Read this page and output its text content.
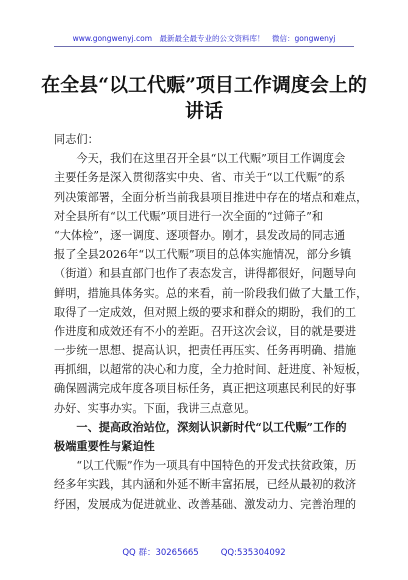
www.gongwenyj.com　最新最全最专业的公文资料库！　微信：gongwenyj
在全县“以工代赈”项目工作调度会上的
讲话
同志们：
　　今天，我们在这里召开全县“以工代赈”项目工作调度会
主要任务是深入贯彻落实中央、省、市关于“以工代赈”的系
列决策部署，全面分析当前我县项目推进中存在的堵点和难点，
对全县所有“以工代赈”项目进行一次全面的“过筛子”和
“大体检”，逐一调度、逐项督办。刚才，县发改局的同志通
报了全县2026年“以工代赈”项目的总体实施情况，部分乡镇
（街道）和县直部门也作了表态发言，讲得都很好，问题导向
鲜明，措施具体务实。总的来看，前一阶段我们做了大量工作，
取得了一定成效，但对照上级的要求和群众的期盼，我们的工
作进度和成效还有不小的差距。召开这次会议，目的就是要进
一步统一思想、提高认识，把责任再压实、任务再明确、措施
再抓细，以超常的决心和力度，全力抢时间、赶进度、补短板，
确保圆满完成年度各项目标任务，真正把这项惠民利民的好事
办好、实事办实。下面，我讲三点意见。
　　一、提高政治站位，深刻认识新时代“以工代赈”工作的
极端重要性与紧迫性
　　“以工代赈”作为一项具有中国特色的开发式扶贫政策，历
经多年实践，其内涵和外延不断丰富拓展，已经从最初的救济
纾困，发展成为促进就业、改善基础、激发动力、完善治理的
QQ 群：30265665	QQ:535304092
